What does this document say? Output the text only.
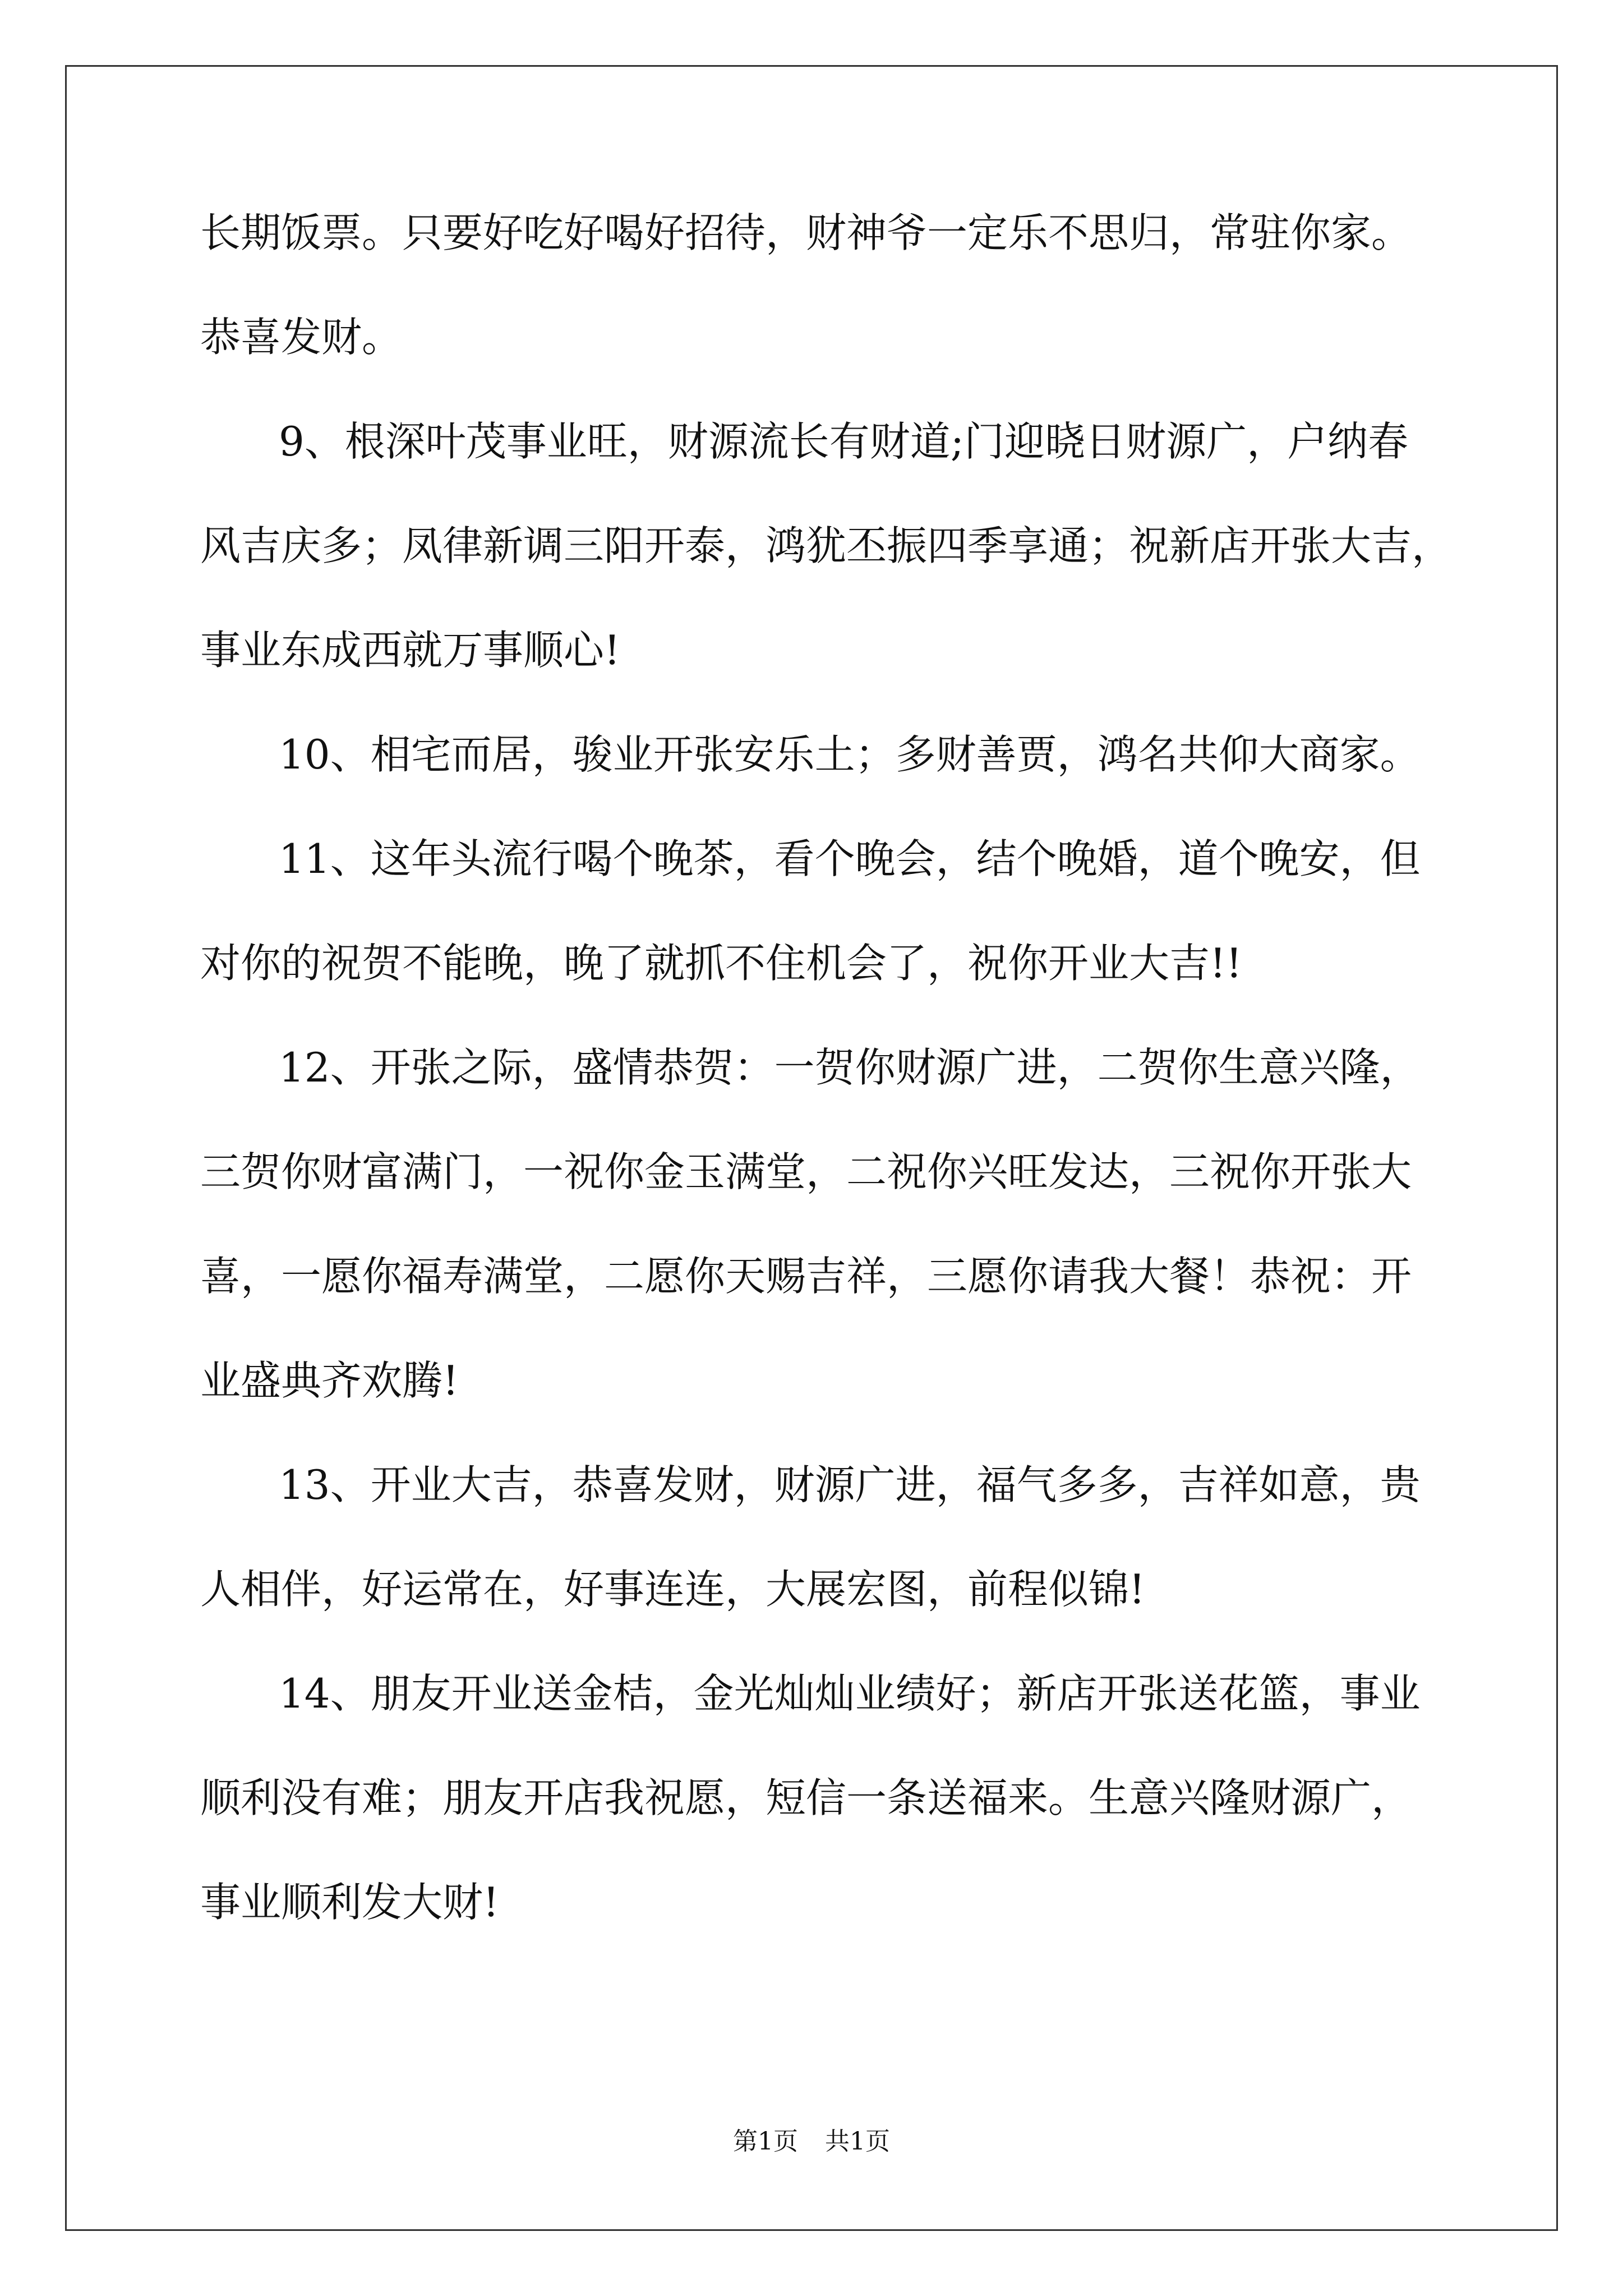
长期饭票。只要好吃好喝好招待，财神爷一定乐不思归，常驻你家。
恭喜发财。
9、根深叶茂事业旺，财源流长有财道;门迎晓日财源广，户纳春
风吉庆多；凤律新调三阳开泰，鸿犹丕振四季享通；祝新店开张大吉，
事业东成西就万事顺心!
10、相宅而居，骏业开张安乐土；多财善贾，鸿名共仰大商家。
11、这年头流行喝个晚茶，看个晚会，结个晚婚，道个晚安，但
对你的祝贺不能晚，晚了就抓不住机会了，祝你开业大吉!!
12、开张之际，盛情恭贺：一贺你财源广进，二贺你生意兴隆，
三贺你财富满门，一祝你金玉满堂，二祝你兴旺发达，三祝你开张大
喜，一愿你福寿满堂，二愿你天赐吉祥，三愿你请我大餐！恭祝：开
业盛典齐欢腾!
13、开业大吉，恭喜发财，财源广进，福气多多，吉祥如意，贵
人相伴，好运常在，好事连连，大展宏图，前程似锦!
14、朋友开业送金桔，金光灿灿业绩好；新店开张送花篮，事业
顺利没有难；朋友开店我祝愿，短信一条送福来。生意兴隆财源广，
事业顺利发大财!
第1页 共1页
